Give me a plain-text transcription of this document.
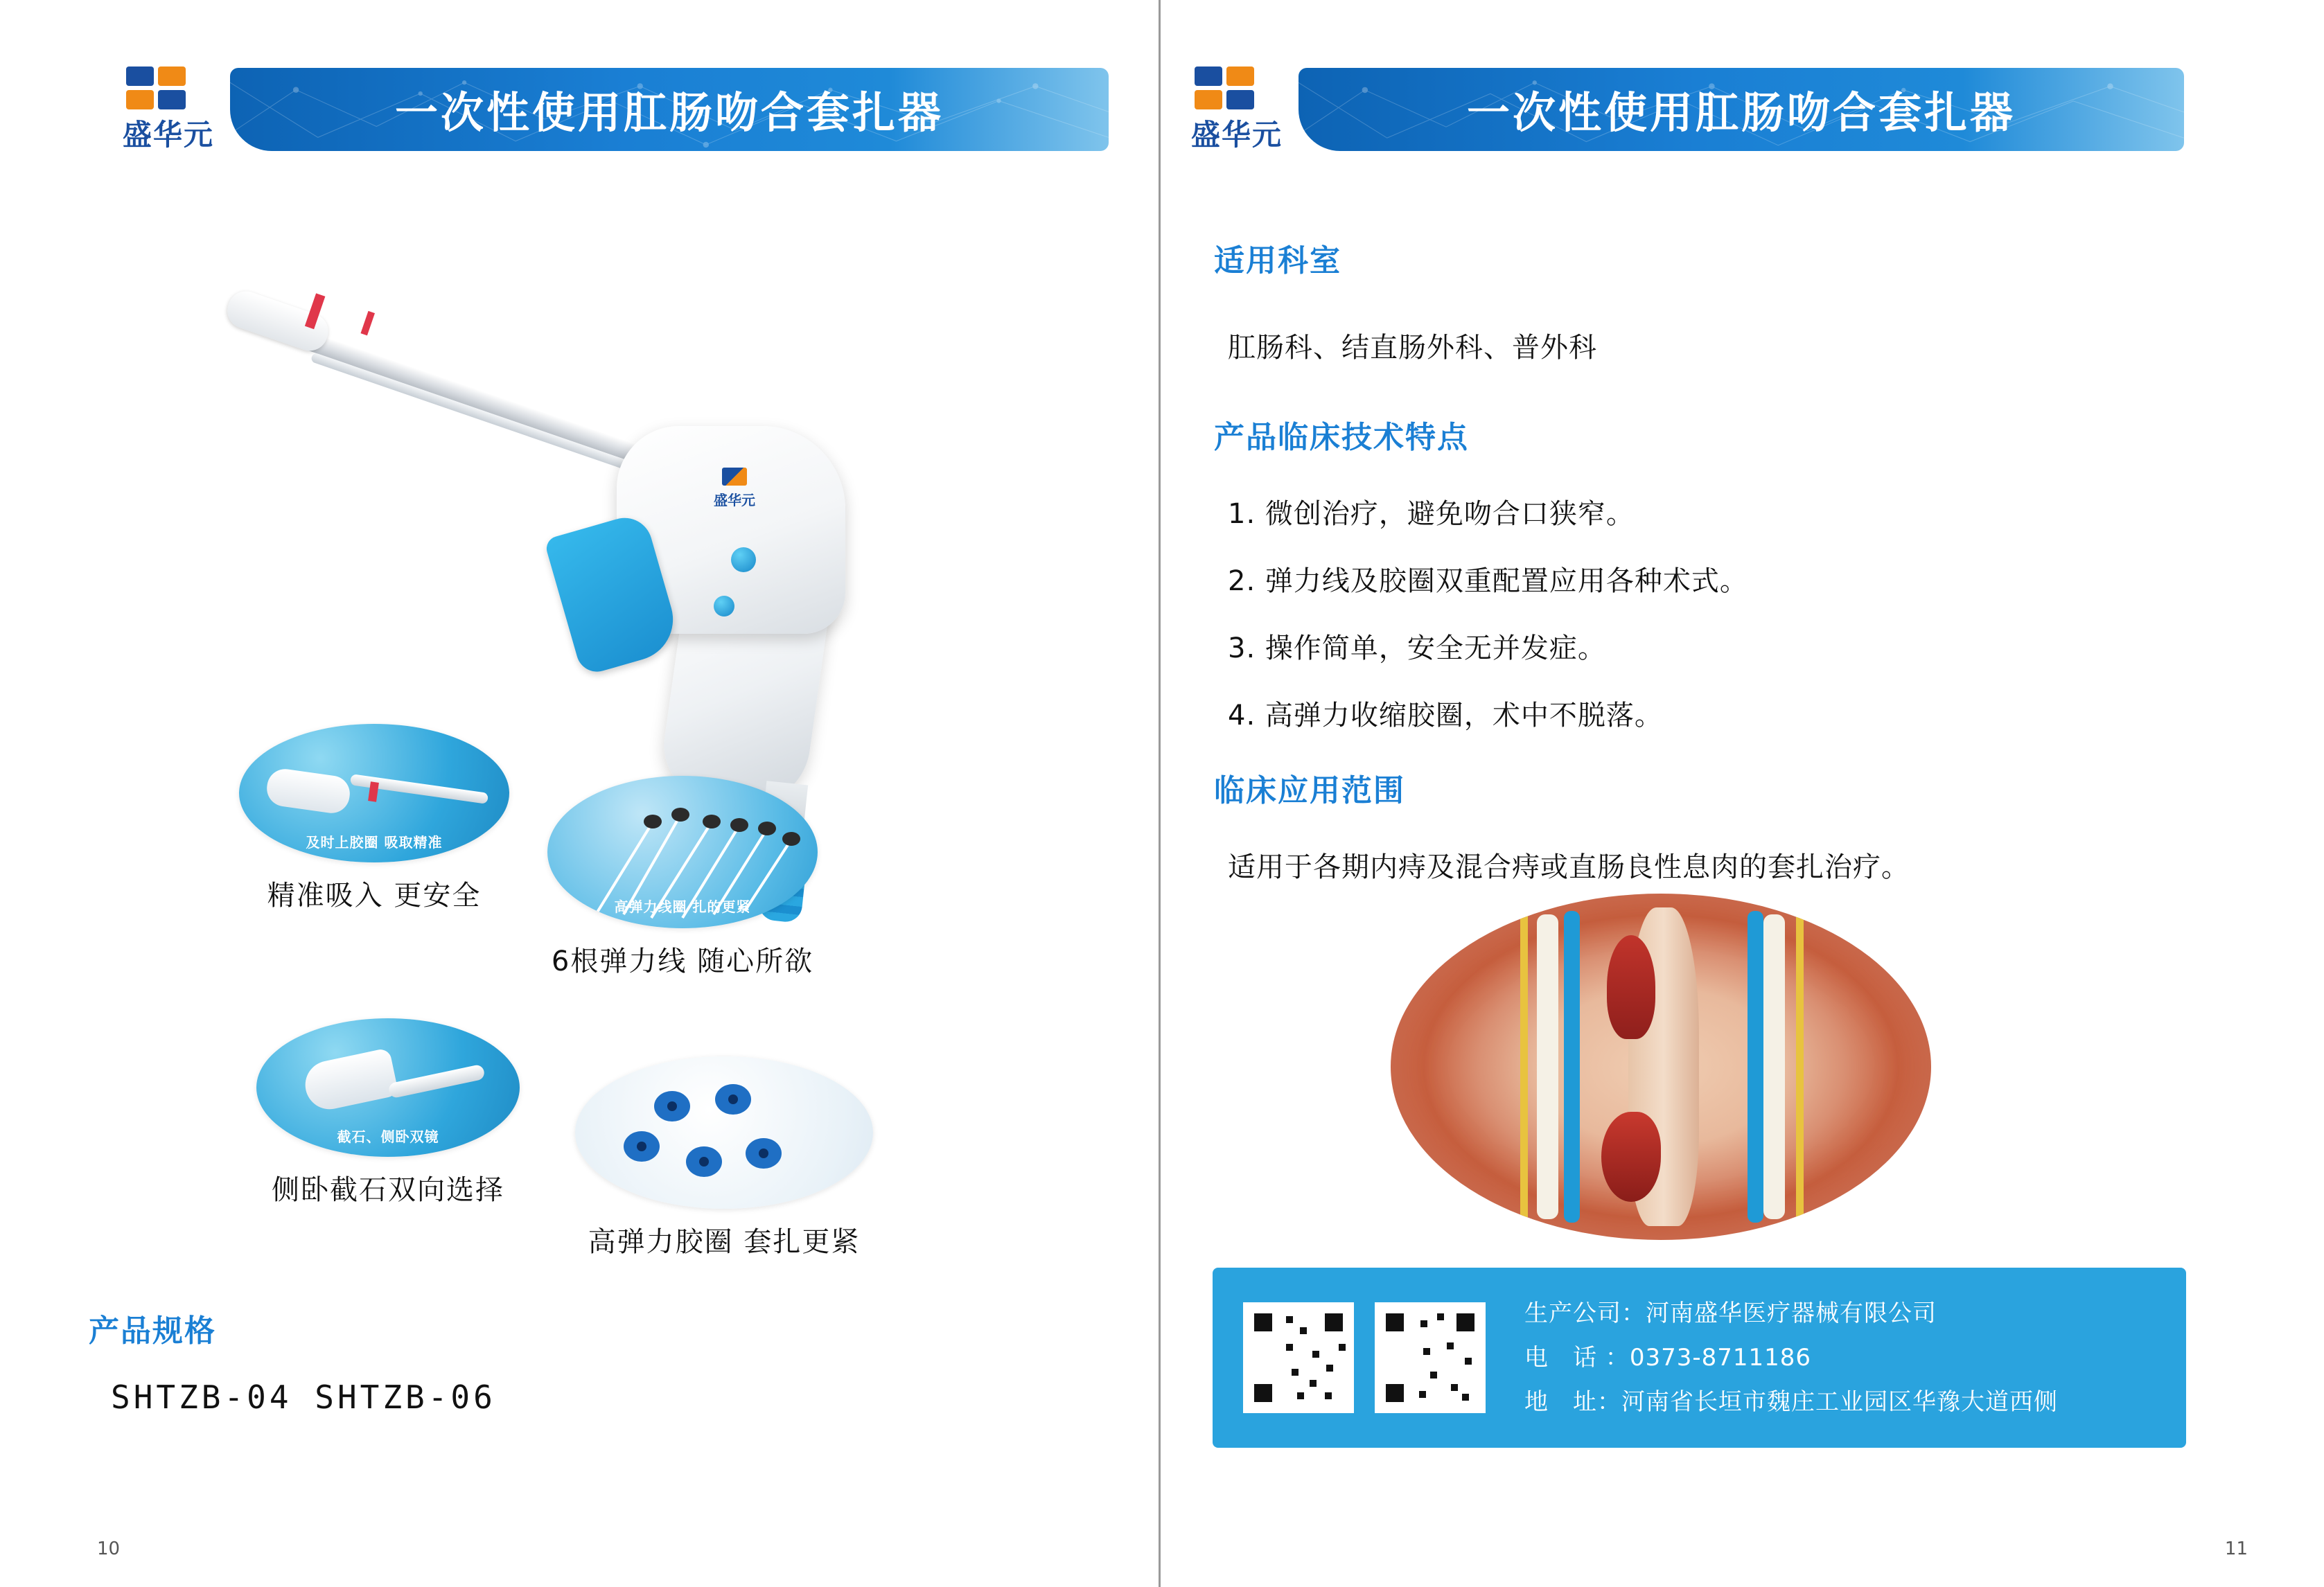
盛华元	一次性使用肛肠吻合套扎器
盛华元
及时上胶圈 吸取精准
精准吸入 更安全	高弹力线圈 扎的更紧
6根弹力线 随心所欲
截石、侧卧双镜
侧卧截石双向选择
高弹力胶圈 套扎更紧
产品规格
SHTZB-04 SHTZB-06
10
盛华元	一次性使用肛肠吻合套扎器
适用科室
肛肠科、结直肠外科、普外科
产品临床技术特点
1. 微创治疗，避免吻合口狭窄。
2. 弹力线及胶圈双重配置应用各种术式。
3. 操作简单，安全无并发症。
4. 高弹力收缩胶圈，术中不脱落。
临床应用范围
适用于各期内痔及混合痔或直肠良性息肉的套扎治疗。
生产公司：河南盛华医疗器械有限公司
电　话 ：0373-8711186
地　址：河南省长垣市魏庄工业园区华豫大道西侧
11
